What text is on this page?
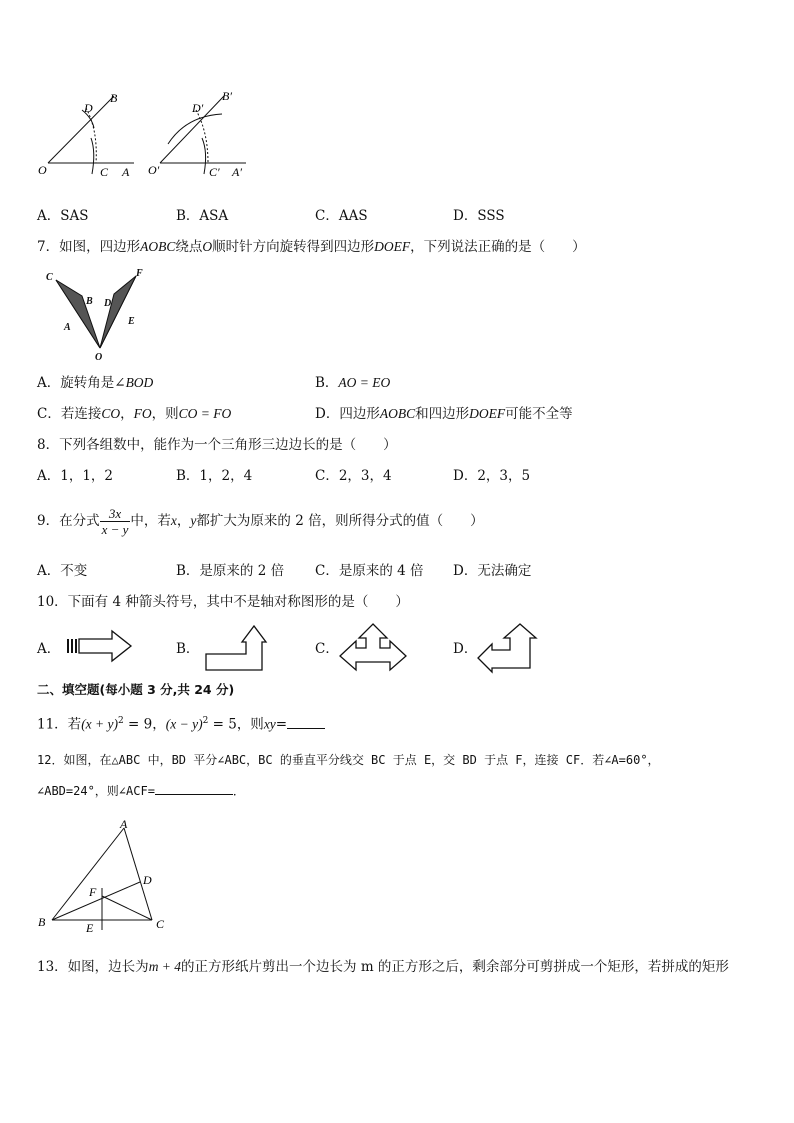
O	C A
D
B
O′	C′ A′
D′
B′
A．SAS	B．ASA	C．AAS	D．SSS
7．如图，四边形AOBC绕点O顺时针方向旋转得到四边形DOEF，下列说法正确的是（　　）
C
B
A
D
F
E
O
A．旋转角是∠BOD	B．AO = EO
C．若连接CO，FO，则CO = FO	D．四边形AOBC和四边形DOEF可能不全等
8．下列各组数中，能作为一个三角形三边边长的是（　　）
A．1，1，2	B．1，2，4	C．2，3，4	D．2，3，5
9．在分式 $\frac{3x}{x - y}$ 中，若x，y都扩大为原来的 2 倍，则所得分式的值（　　）
A．不变	B．是原来的 2 倍 C．是原来的 4 倍 D．无法确定
10．下面有 4 种箭头符号，其中不是轴对称图形的是（　　）
A．	B．	C．	D．
二、填空题(每小题 3 分,共 24 分)
11．若$(x + y)^2 = 9$，$(x - y)^2 = 5$，则xy=
12．如图，在△ABC 中，BD 平分∠ABC，BC 的垂直平分线交 BC 于点 E，交 BD 于点 F，连接 CF．若∠A=60°，
∠ABD=24°，则∠ACF=	．
A
B	C
D
E
F
13．如图，边长为m + 4的正方形纸片剪出一个边长为 m 的正方形之后，剩余部分可剪拼成一个矩形，若拼成的矩形
